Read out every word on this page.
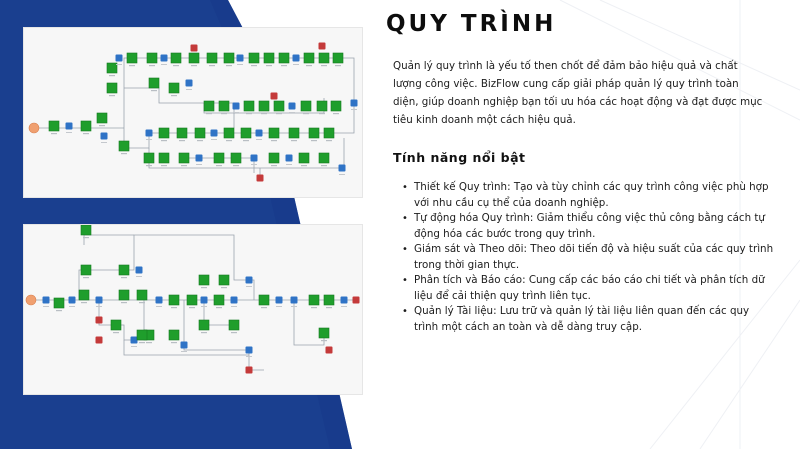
QUY TRÌNH

Quản lý quy trình là yếu tố then chốt để đảm bảo hiệu quả và chất lượng công việc. BizFlow cung cấp giải pháp quản lý quy trình toàn diện, giúp doanh nghiệp bạn tối ưu hóa các hoạt động và đạt được mục tiêu kinh doanh một cách hiệu quả.

Tính năng nổi bật
• Thiết kế Quy trình: Tạo và tùy chỉnh các quy trình công việc phù hợp với nhu cầu cụ thể của doanh nghiệp.
• Tự động hóa Quy trình: Giảm thiểu công việc thủ công bằng cách tự động hóa các bước trong quy trình.
• Giám sát và Theo dõi: Theo dõi tiến độ và hiệu suất của các quy trình trong thời gian thực.
• Phân tích và Báo cáo: Cung cấp các báo cáo chi tiết và phân tích dữ liệu để cải thiện quy trình liên tục.
• Quản lý Tài liệu: Lưu trữ và quản lý tài liệu liên quan đến các quy trình một cách an toàn và dễ dàng truy cập.
